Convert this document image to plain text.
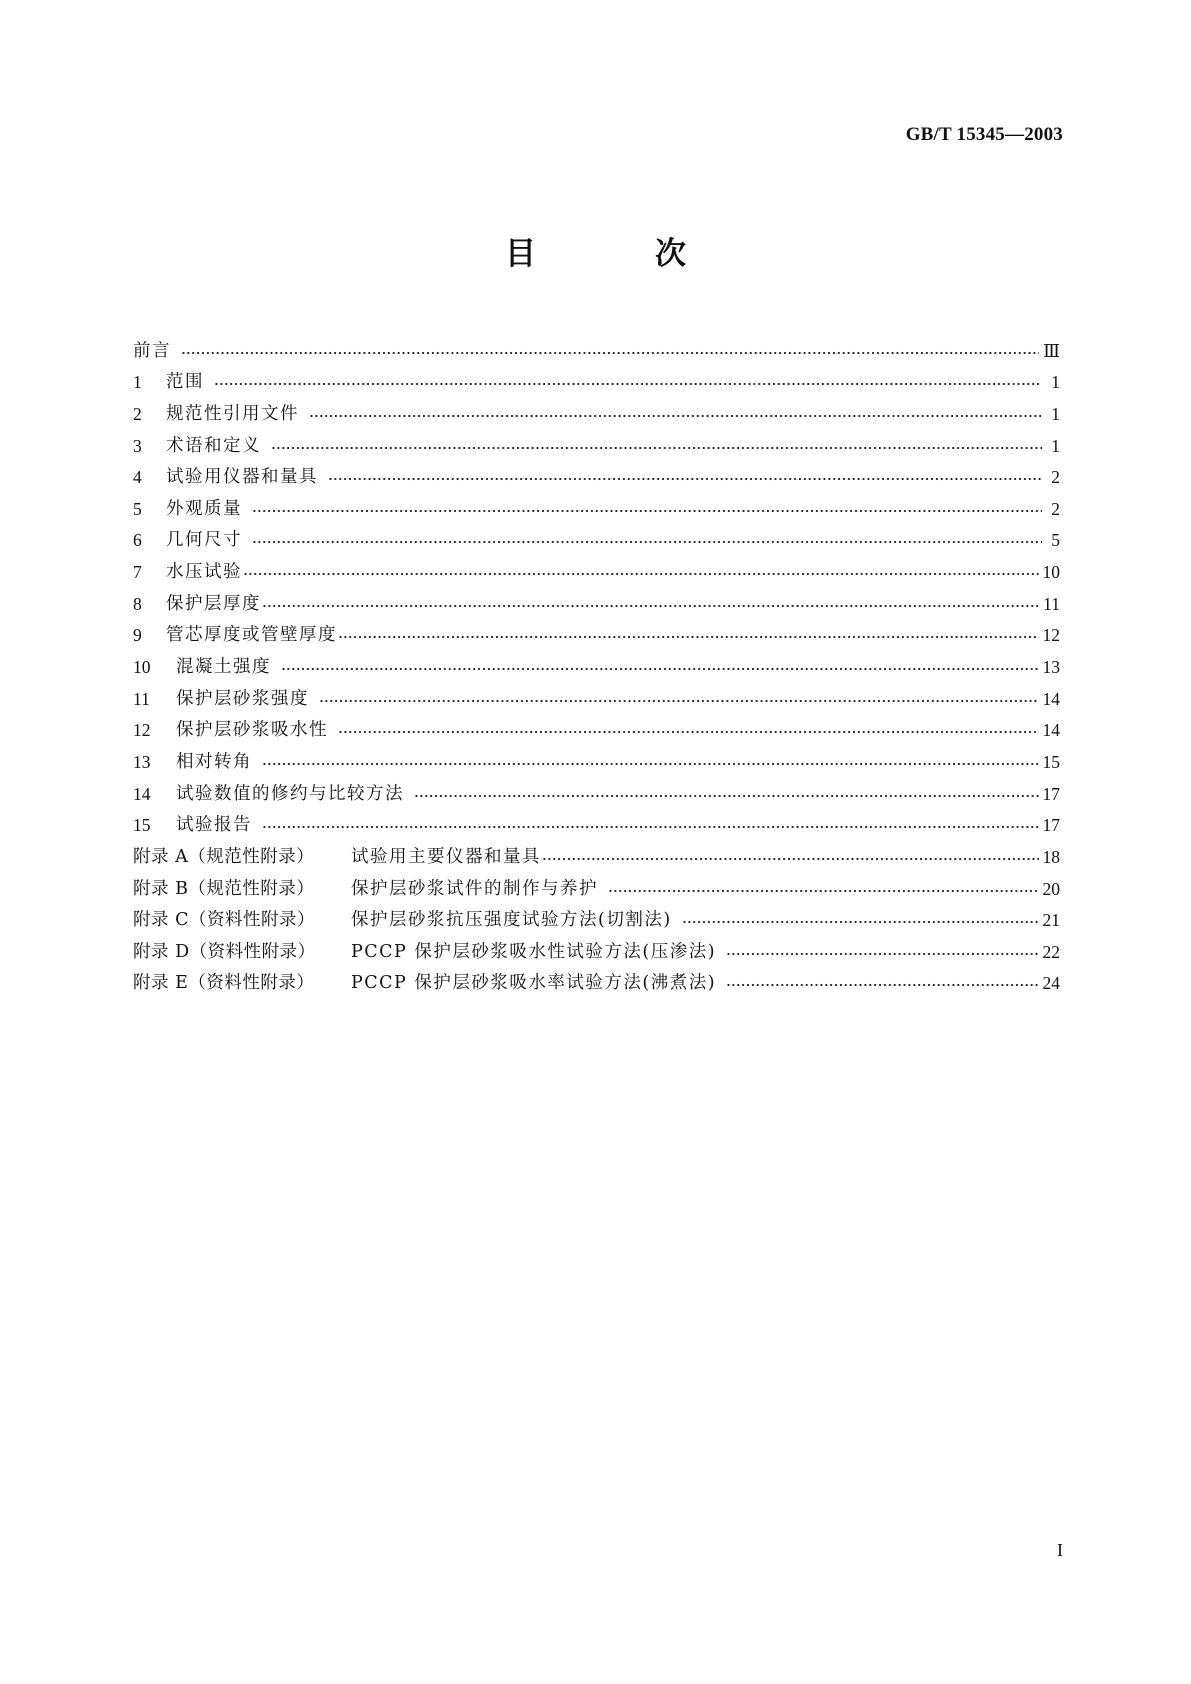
GB/T 15345—2003
目　次
前言	Ⅲ
1	范围	1
2	规范性引用文件	1
3	术语和定义	1
4	试验用仪器和量具	2
5	外观质量	2
6	几何尺寸	5
7	水压试验	10
8	保护层厚度	11
9	管芯厚度或管壁厚度	12
10	混凝土强度	13
11	保护层砂浆强度	14
12	保护层砂浆吸水性	14
13	相对转角	15
14	试验数值的修约与比较方法	17
15	试验报告	17
附录 A（规范性附录）	试验用主要仪器和量具	18
附录 B（规范性附录）	保护层砂浆试件的制作与养护	20
附录 C（资料性附录）	保护层砂浆抗压强度试验方法(切割法)	21
附录 D（资料性附录）	PCCP 保护层砂浆吸水性试验方法(压渗法)	22
附录 E（资料性附录）	PCCP 保护层砂浆吸水率试验方法(沸煮法)	24
I
